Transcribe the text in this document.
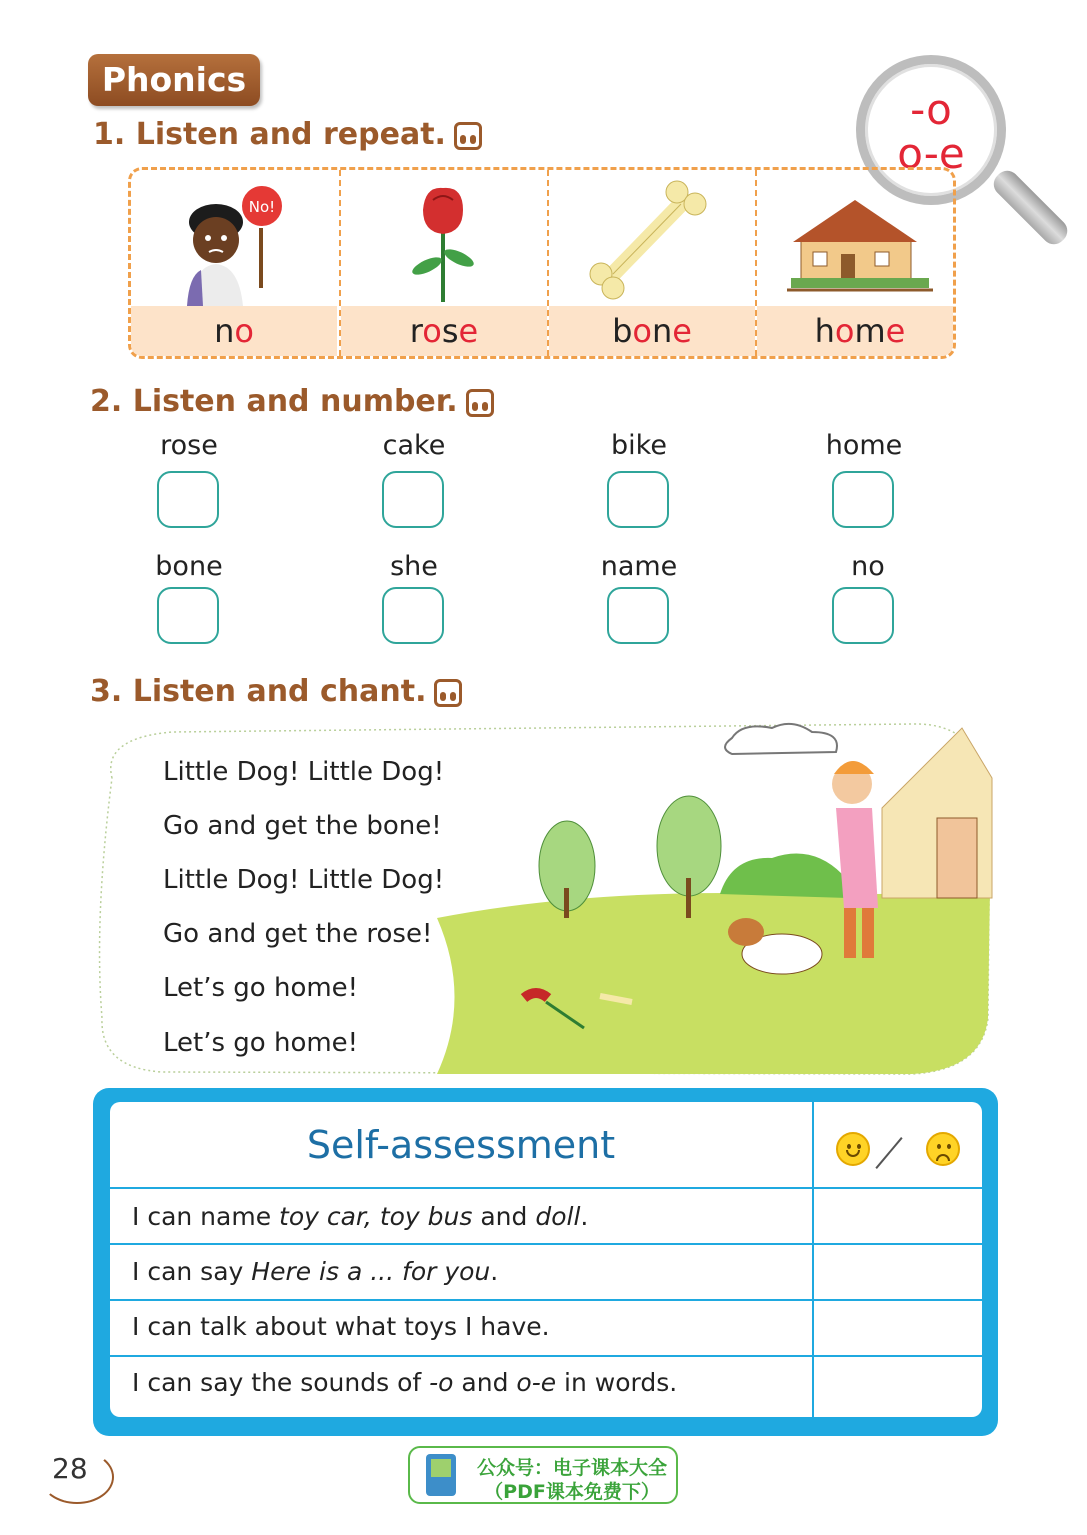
Phonics
-o
o-e
1. Listen and repeat.
No!
no	rose	bone	home
2. Listen and number.
rose	cake	bike	home
bone	she	name	no
3. Listen and chant.
Little Dog! Little Dog!
Go and get the bone!
Little Dog! Little Dog!
Go and get the rose!
Let’s go home!
Let’s go home!
Self-assessment
I can name toy car, toy bus and doll.
I can say Here is a ... for you.
I can talk about what toys I have.
I can say the sounds of -o and o-e in words.
28	公众号：电子课本大全
（PDF课本免费下）
